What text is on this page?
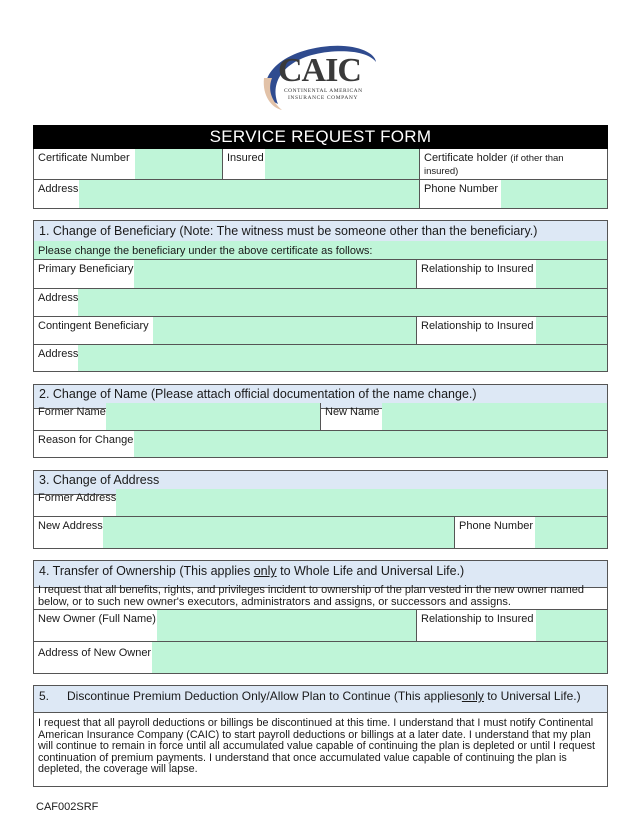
CAIC
CONTINENTAL AMERICAN
INSURANCE COMPANY
SERVICE REQUEST FORM
Certificate Number	Insured	Certificate holder (if other than insured)
Address	Phone Number
1. Change of Beneficiary (Note: The witness must be someone other than the beneficiary.)
Please change the beneficiary under the above certificate as follows:
Primary Beneficiary	Relationship to Insured
Address
Contingent Beneficiary	Relationship to Insured
Address
2. Change of Name (Please attach official documentation of the name change.)
Former Name	New Name
Reason for Change
3. Change of Address
Former Address
New Address	Phone Number
4. Transfer of Ownership (This applies only to Whole Life and Universal Life.)
I request that all benefits, rights, and privileges incident to ownership of the plan vested in the new owner named below, or to such new owner's executors, administrators and assigns, or successors and assigns.
New Owner (Full Name)	Relationship to Insured
Address of New Owner
5. Discontinue Premium Deduction Only/Allow Plan to Continue (This appliesonly to Universal Life.)
I request that all payroll deductions or billings be discontinued at this time. I understand that I must notify Continental American Insurance Company (CAIC) to start payroll deductions or billings at a later date. I understand that my plan will continue to remain in force until all accumulated value capable of continuing the plan is depleted or until I request continuation of premium payments. I understand that once accumulated value capable of continuing the plan is depleted, the coverage will lapse.
CAF002SRF
